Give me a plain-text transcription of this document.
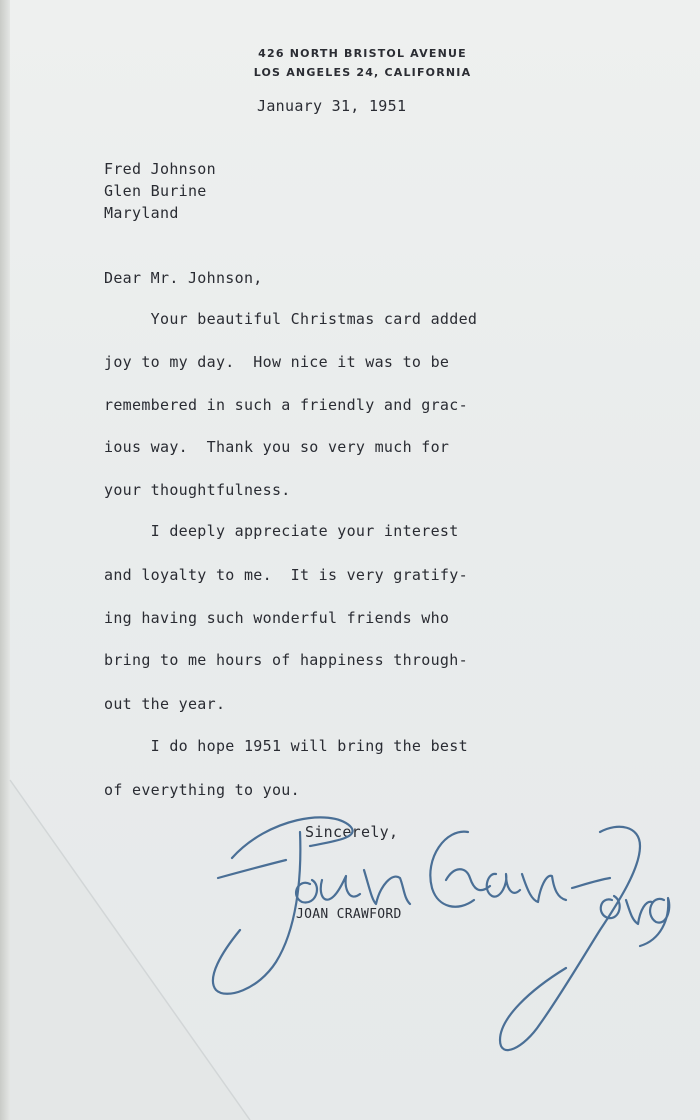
426 NORTH BRISTOL AVENUE
LOS ANGELES 24, CALIFORNIA
January 31, 1951
Fred Johnson
Glen Burine
Maryland
Dear Mr. Johnson,
Your beautiful Christmas card added
joy to my day.  How nice it was to be
remembered in such a friendly and grac-
ious way.  Thank you so very much for
your thoughtfulness.
I deeply appreciate your interest
and loyalty to me.  It is very gratify-
ing having such wonderful friends who
bring to me hours of happiness through-
out the year.
I do hope 1951 will bring the best
of everything to you.
Sincerely,
JOAN CRAWFORD
